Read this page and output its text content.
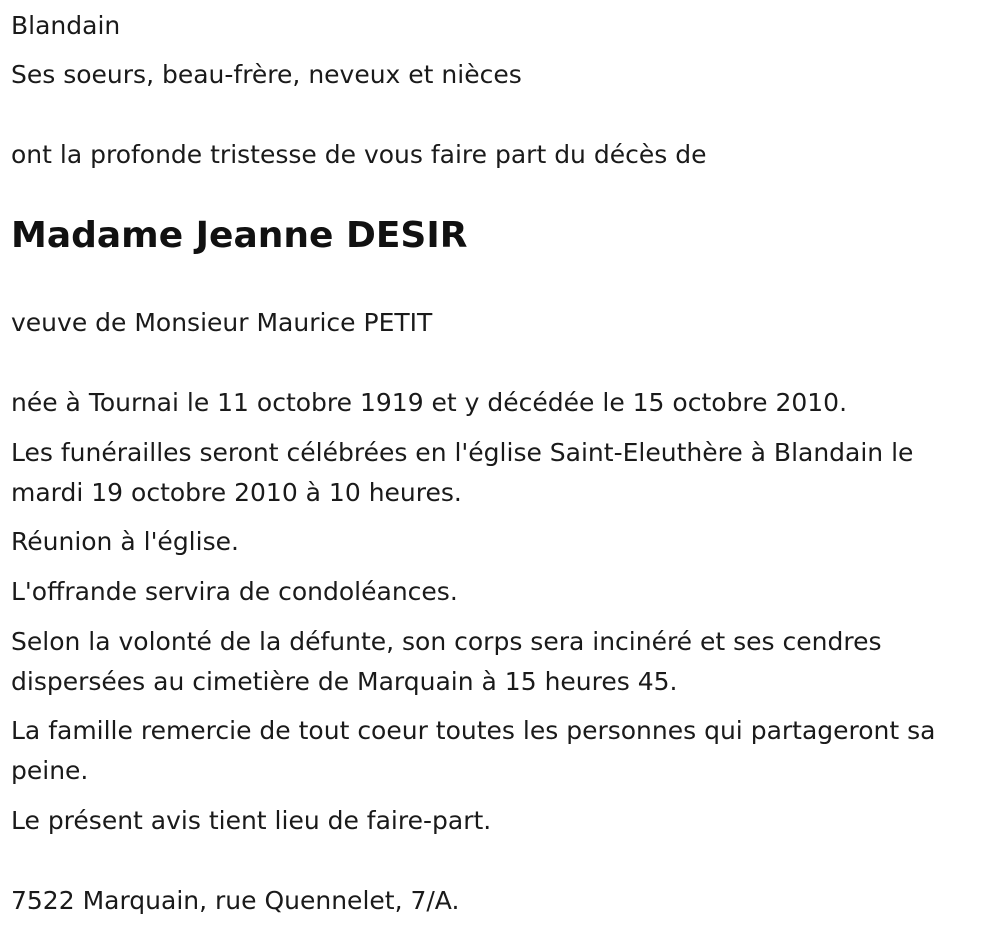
Blandain

Ses soeurs, beau-frère, neveux et nièces

ont la profonde tristesse de vous faire part du décès de

Madame Jeanne DESIR

veuve de Monsieur Maurice PETIT

née à Tournai le 11 octobre 1919 et y décédée le 15 octobre 2010.

Les funérailles seront célébrées en l'église Saint-Eleuthère à Blandain le mardi 19 octobre 2010 à 10 heures.

Réunion à l'église.

L'offrande servira de condoléances.

Selon la volonté de la défunte, son corps sera incinéré et ses cendres dispersées au cimetière de Marquain à 15 heures 45.

La famille remercie de tout coeur toutes les personnes qui partageront sa peine.

Le présent avis tient lieu de faire-part.

7522 Marquain, rue Quennelet, 7/A.
